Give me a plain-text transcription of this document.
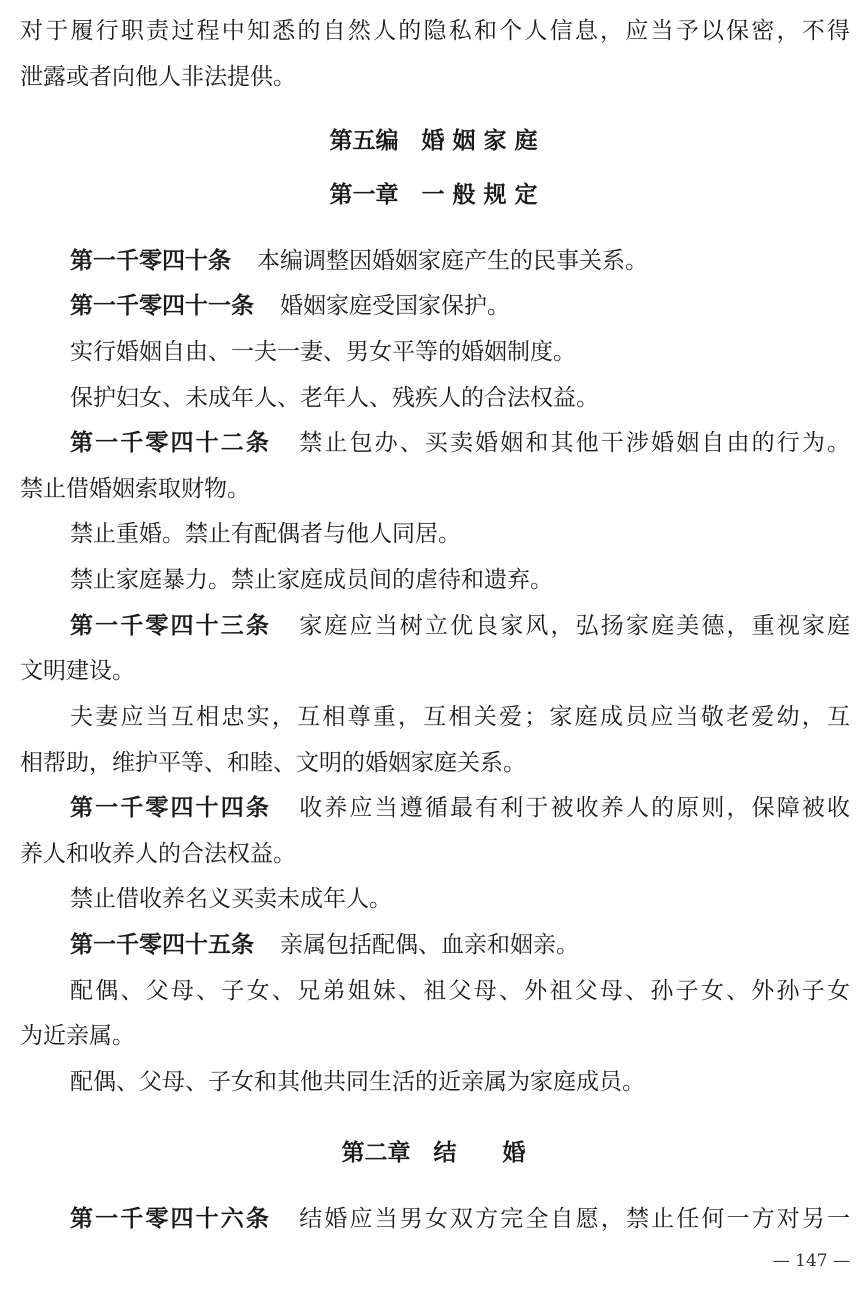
对于履行职责过程中知悉的自然人的隐私和个人信息，应当予以保密，不得
泄露或者向他人非法提供。
第五编　婚 姻 家 庭
第一章　一 般 规 定
第一千零四十条 本编调整因婚姻家庭产生的民事关系。
第一千零四十一条 婚姻家庭受国家保护。
实行婚姻自由、一夫一妻、男女平等的婚姻制度。
保护妇女、未成年人、老年人、残疾人的合法权益。
第一千零四十二条 禁止包办、买卖婚姻和其他干涉婚姻自由的行为。
禁止借婚姻索取财物。
禁止重婚。禁止有配偶者与他人同居。
禁止家庭暴力。禁止家庭成员间的虐待和遗弃。
第一千零四十三条 家庭应当树立优良家风，弘扬家庭美德，重视家庭
文明建设。
夫妻应当互相忠实，互相尊重，互相关爱；家庭成员应当敬老爱幼，互
相帮助，维护平等、和睦、文明的婚姻家庭关系。
第一千零四十四条 收养应当遵循最有利于被收养人的原则，保障被收
养人和收养人的合法权益。
禁止借收养名义买卖未成年人。
第一千零四十五条 亲属包括配偶、血亲和姻亲。
配偶、父母、子女、兄弟姐妹、祖父母、外祖父母、孙子女、外孙子女
为近亲属。
配偶、父母、子女和其他共同生活的近亲属为家庭成员。
第二章　结　　婚
第一千零四十六条 结婚应当男女双方完全自愿，禁止任何一方对另一
— 147 —
